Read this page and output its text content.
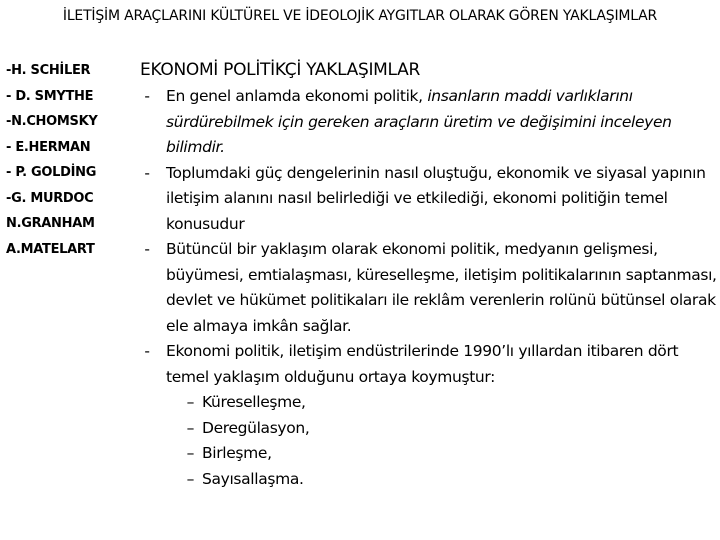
İLETİŞİM ARAÇLARINI KÜLTÜREL VE İDEOLOJİK AYGITLAR OLARAK GÖREN YAKLAŞIMLAR
-H. SCHİLER
- D. SMYTHE
-N.CHOMSKY
- E.HERMAN
- P. GOLDİNG
-G. MURDOC
N.GRANHAM
A.MATELART
EKONOMİ POLİTİKÇİ YAKLAŞIMLAR
- En genel anlamda ekonomi politik, insanların maddi varlıklarını sürdürebilmek için gereken araçların üretim ve değişimini inceleyen bilimdir.
- Toplumdaki güç dengelerinin nasıl oluştuğu, ekonomik ve siyasal yapının iletişim alanını nasıl belirlediği ve etkilediği, ekonomi politiğin temel konusudur
- Bütüncül bir yaklaşım olarak ekonomi politik, medyanın gelişmesi, büyümesi, emtialaşması, küreselleşme, iletişim politikalarının saptanması, devlet ve hükümet politikaları ile reklâm verenlerin rolünü bütünsel olarak ele almaya imkân sağlar.
- Ekonomi politik, iletişim endüstrilerinde 1990’lı yıllardan itibaren dört temel yaklaşım olduğunu ortaya koymuştur:
– Küreselleşme,
– Deregülasyon,
– Birleşme,
– Sayısallaşma.
